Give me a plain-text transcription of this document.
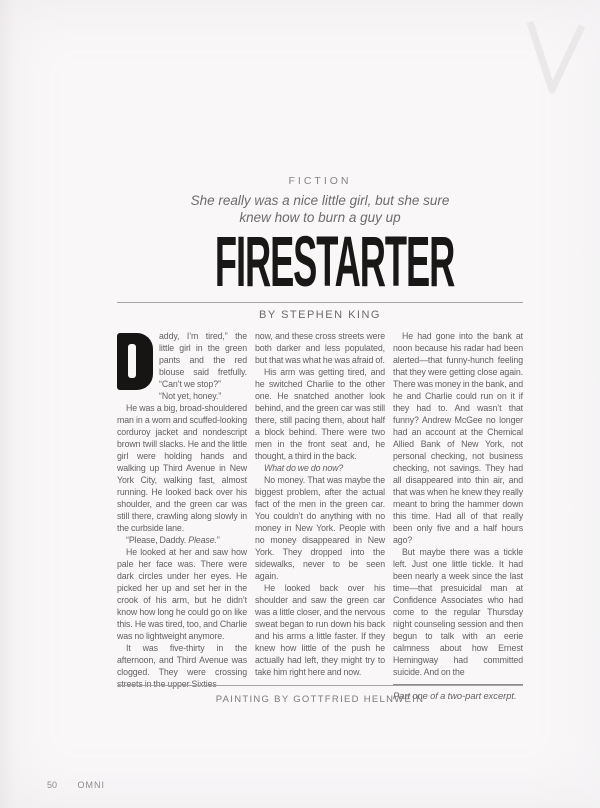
FICTION
She really was a nice little girl, but she sure
knew how to burn a guy up
FIRESTARTER
BY STEPHEN KING

addy, I’m tired,” the little girl in the green pants and the red blouse said fretfully. “Can’t we stop?”

“Not yet, honey.”

He was a big, broad-shouldered man in a worn and scuffed-looking corduroy jacket and nondescript brown twill slacks. He and the little girl were holding hands and walking up Third Avenue in New York City, walking fast, almost running. He looked back over his shoulder, and the green car was still there, crawling along slowly in the curbside lane.

“Please, Daddy. Please.”

He looked at her and saw how pale her face was. There were dark circles under her eyes. He picked her up and set her in the crook of his arm, but he didn’t know how long he could go on like this. He was tired, too, and Charlie was no lightweight anymore.

It was five-thirty in the afternoon, and Third Avenue was clogged. They were crossing streets in the upper Sixties

now, and these cross streets were both darker and less populated, but that was what he was afraid of.

His arm was getting tired, and he switched Charlie to the other one. He snatched another look behind, and the green car was still there, still pacing them, about half a block behind. There were two men in the front seat and, he thought, a third in the back.

What do we do now?

No money. That was maybe the biggest problem, after the actual fact of the men in the green car. You couldn’t do anything with no money in New York. People with no money disappeared in New York. They dropped into the sidewalks, never to be seen again.

He looked back over his shoulder and saw the green car was a little closer, and the nervous sweat began to run down his back and his arms a little faster. If they knew how little of the push he actually had left, they might try to take him right here and now.

He had gone into the bank at noon because his radar had been alerted—that funny-hunch feeling that they were getting close again. There was money in the bank, and he and Charlie could run on it if they had to. And wasn’t that funny? Andrew McGee no longer had an account at the Chemical Allied Bank of New York, not personal checking, not business checking, not savings. They had all disappeared into thin air, and that was when he knew they really meant to bring the hammer down this time. Had all of that really been only five and a half hours ago?

But maybe there was a tickle left. Just one little tickle. It had been nearly a week since the last time—that presuicidal man at Confidence Associates who had come to the regular Thursday night counseling session and then begun to talk with an eerie calmness about how Ernest Hemingway had committed suicide. And on the

Part one of a two-part excerpt.

PAINTING BY GOTTFRIED HELNWEIN
50 OMNI
